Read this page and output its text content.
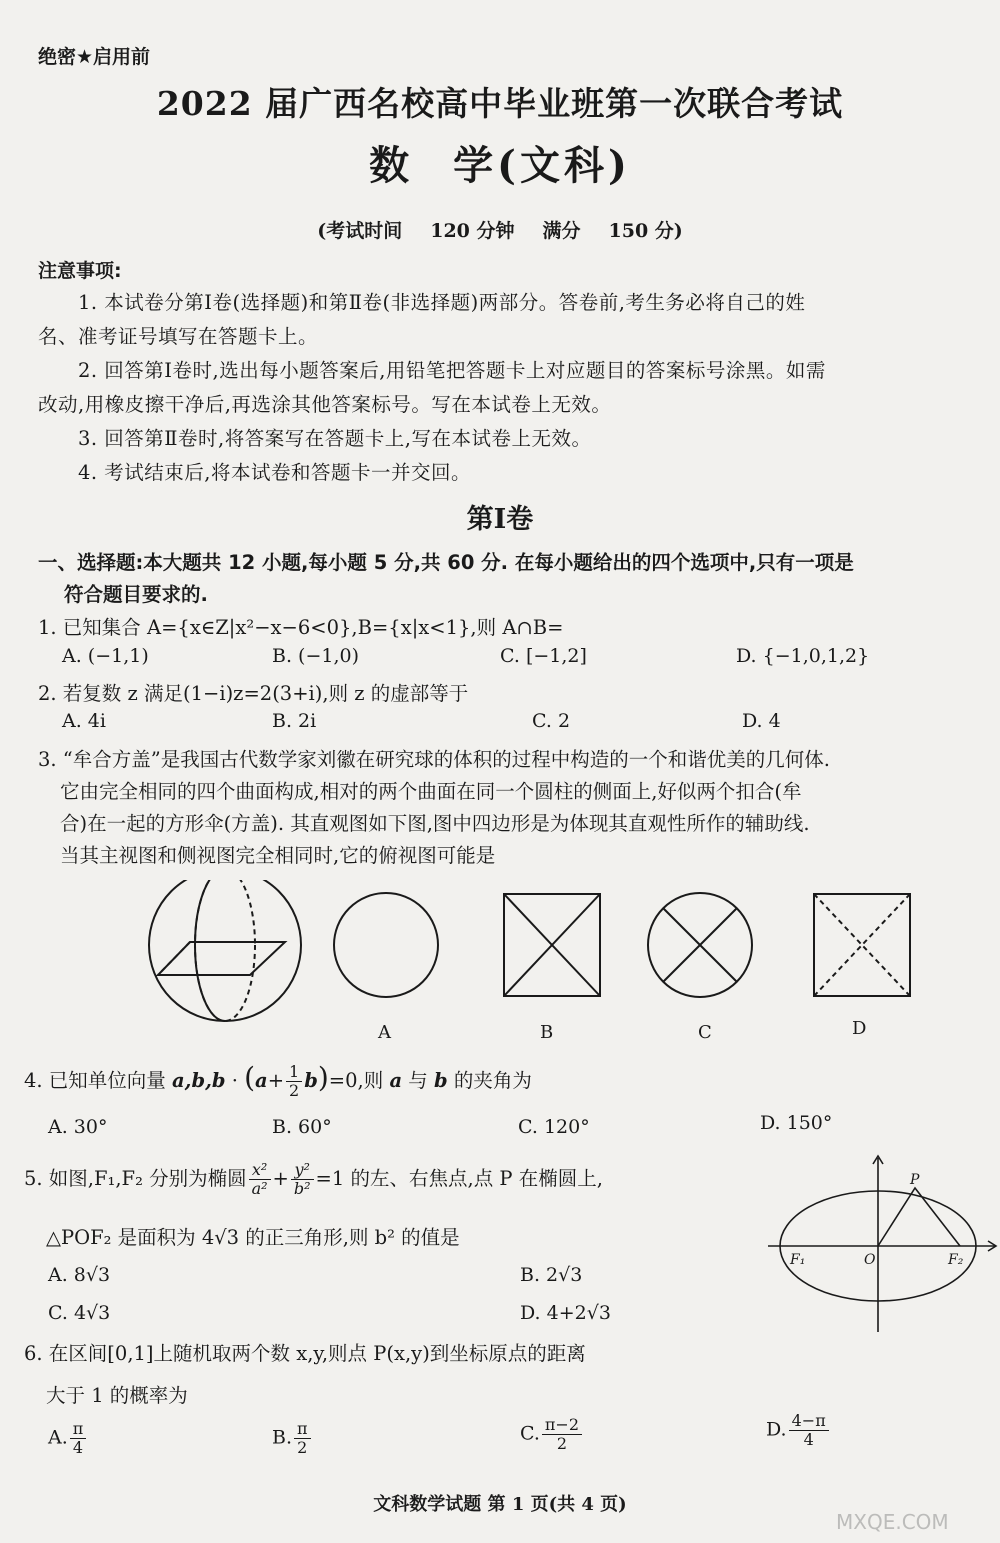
绝密★启用前
2022 届广西名校高中毕业班第一次联合考试
数 学(文科)
(考试时间 120 分钟 满分 150 分)
注意事项:
1. 本试卷分第Ⅰ卷(选择题)和第Ⅱ卷(非选择题)两部分。答卷前,考生务必将自己的姓
名、准考证号填写在答题卡上。
2. 回答第Ⅰ卷时,选出每小题答案后,用铅笔把答题卡上对应题目的答案标号涂黑。如需
改动,用橡皮擦干净后,再选涂其他答案标号。写在本试卷上无效。
3. 回答第Ⅱ卷时,将答案写在答题卡上,写在本试卷上无效。
4. 考试结束后,将本试卷和答题卡一并交回。
第Ⅰ卷
一、选择题:本大题共 12 小题,每小题 5 分,共 60 分. 在每小题给出的四个选项中,只有一项是
符合题目要求的.
1. 已知集合 A={x∈Z|x²−x−6<0},B={x|x<1},则 A∩B=
A. (−1,1)	B. (−1,0)	C. [−1,2]	D. {−1,0,1,2}
2. 若复数 z 满足(1−i)z=2(3+i),则 z 的虚部等于
A. 4i	B. 2i	C. 2	D. 4
3. “牟合方盖”是我国古代数学家刘徽在研究球的体积的过程中构造的一个和谐优美的几何体.
它由完全相同的四个曲面构成,相对的两个曲面在同一个圆柱的侧面上,好似两个扣合(牟
合)在一起的方形伞(方盖). 其直观图如下图,图中四边形是为体现其直观性所作的辅助线.
当其主视图和侧视图完全相同时,它的俯视图可能是
A	B	C	D
4. 已知单位向量 $a,b,b \cdot (a+ \frac{1}{2} b)=0$,则 a 与 b 的夹角为
A. 30°	B. 60°	C. 120°	D. 150°
5. 如图,F₁,F₂ 分别为椭圆 $\frac{\text{x²}}{\text{a²}} + \frac{\text{y²}}{\text{b²}} =1$ 的左、右焦点,点 P 在椭圆上,
△POF₂ 是面积为 4√3 的正三角形,则 b² 的值是
A. 8√3	B. 2√3
C. 4√3	D. 4+2√3
P
O
F₁	F₂
6. 在区间[0,1]上随机取两个数 x,y,则点 P(x,y)到坐标原点的距离
大于 1 的概率为
A. $\frac{\pi}{4}$	B. $\frac{\pi}{2}$	C. $\frac{\pi-2}{2}$	D. $\frac{4-\pi}{4}$
文科数学试题 第 1 页(共 4 页)
MXQE.COM
